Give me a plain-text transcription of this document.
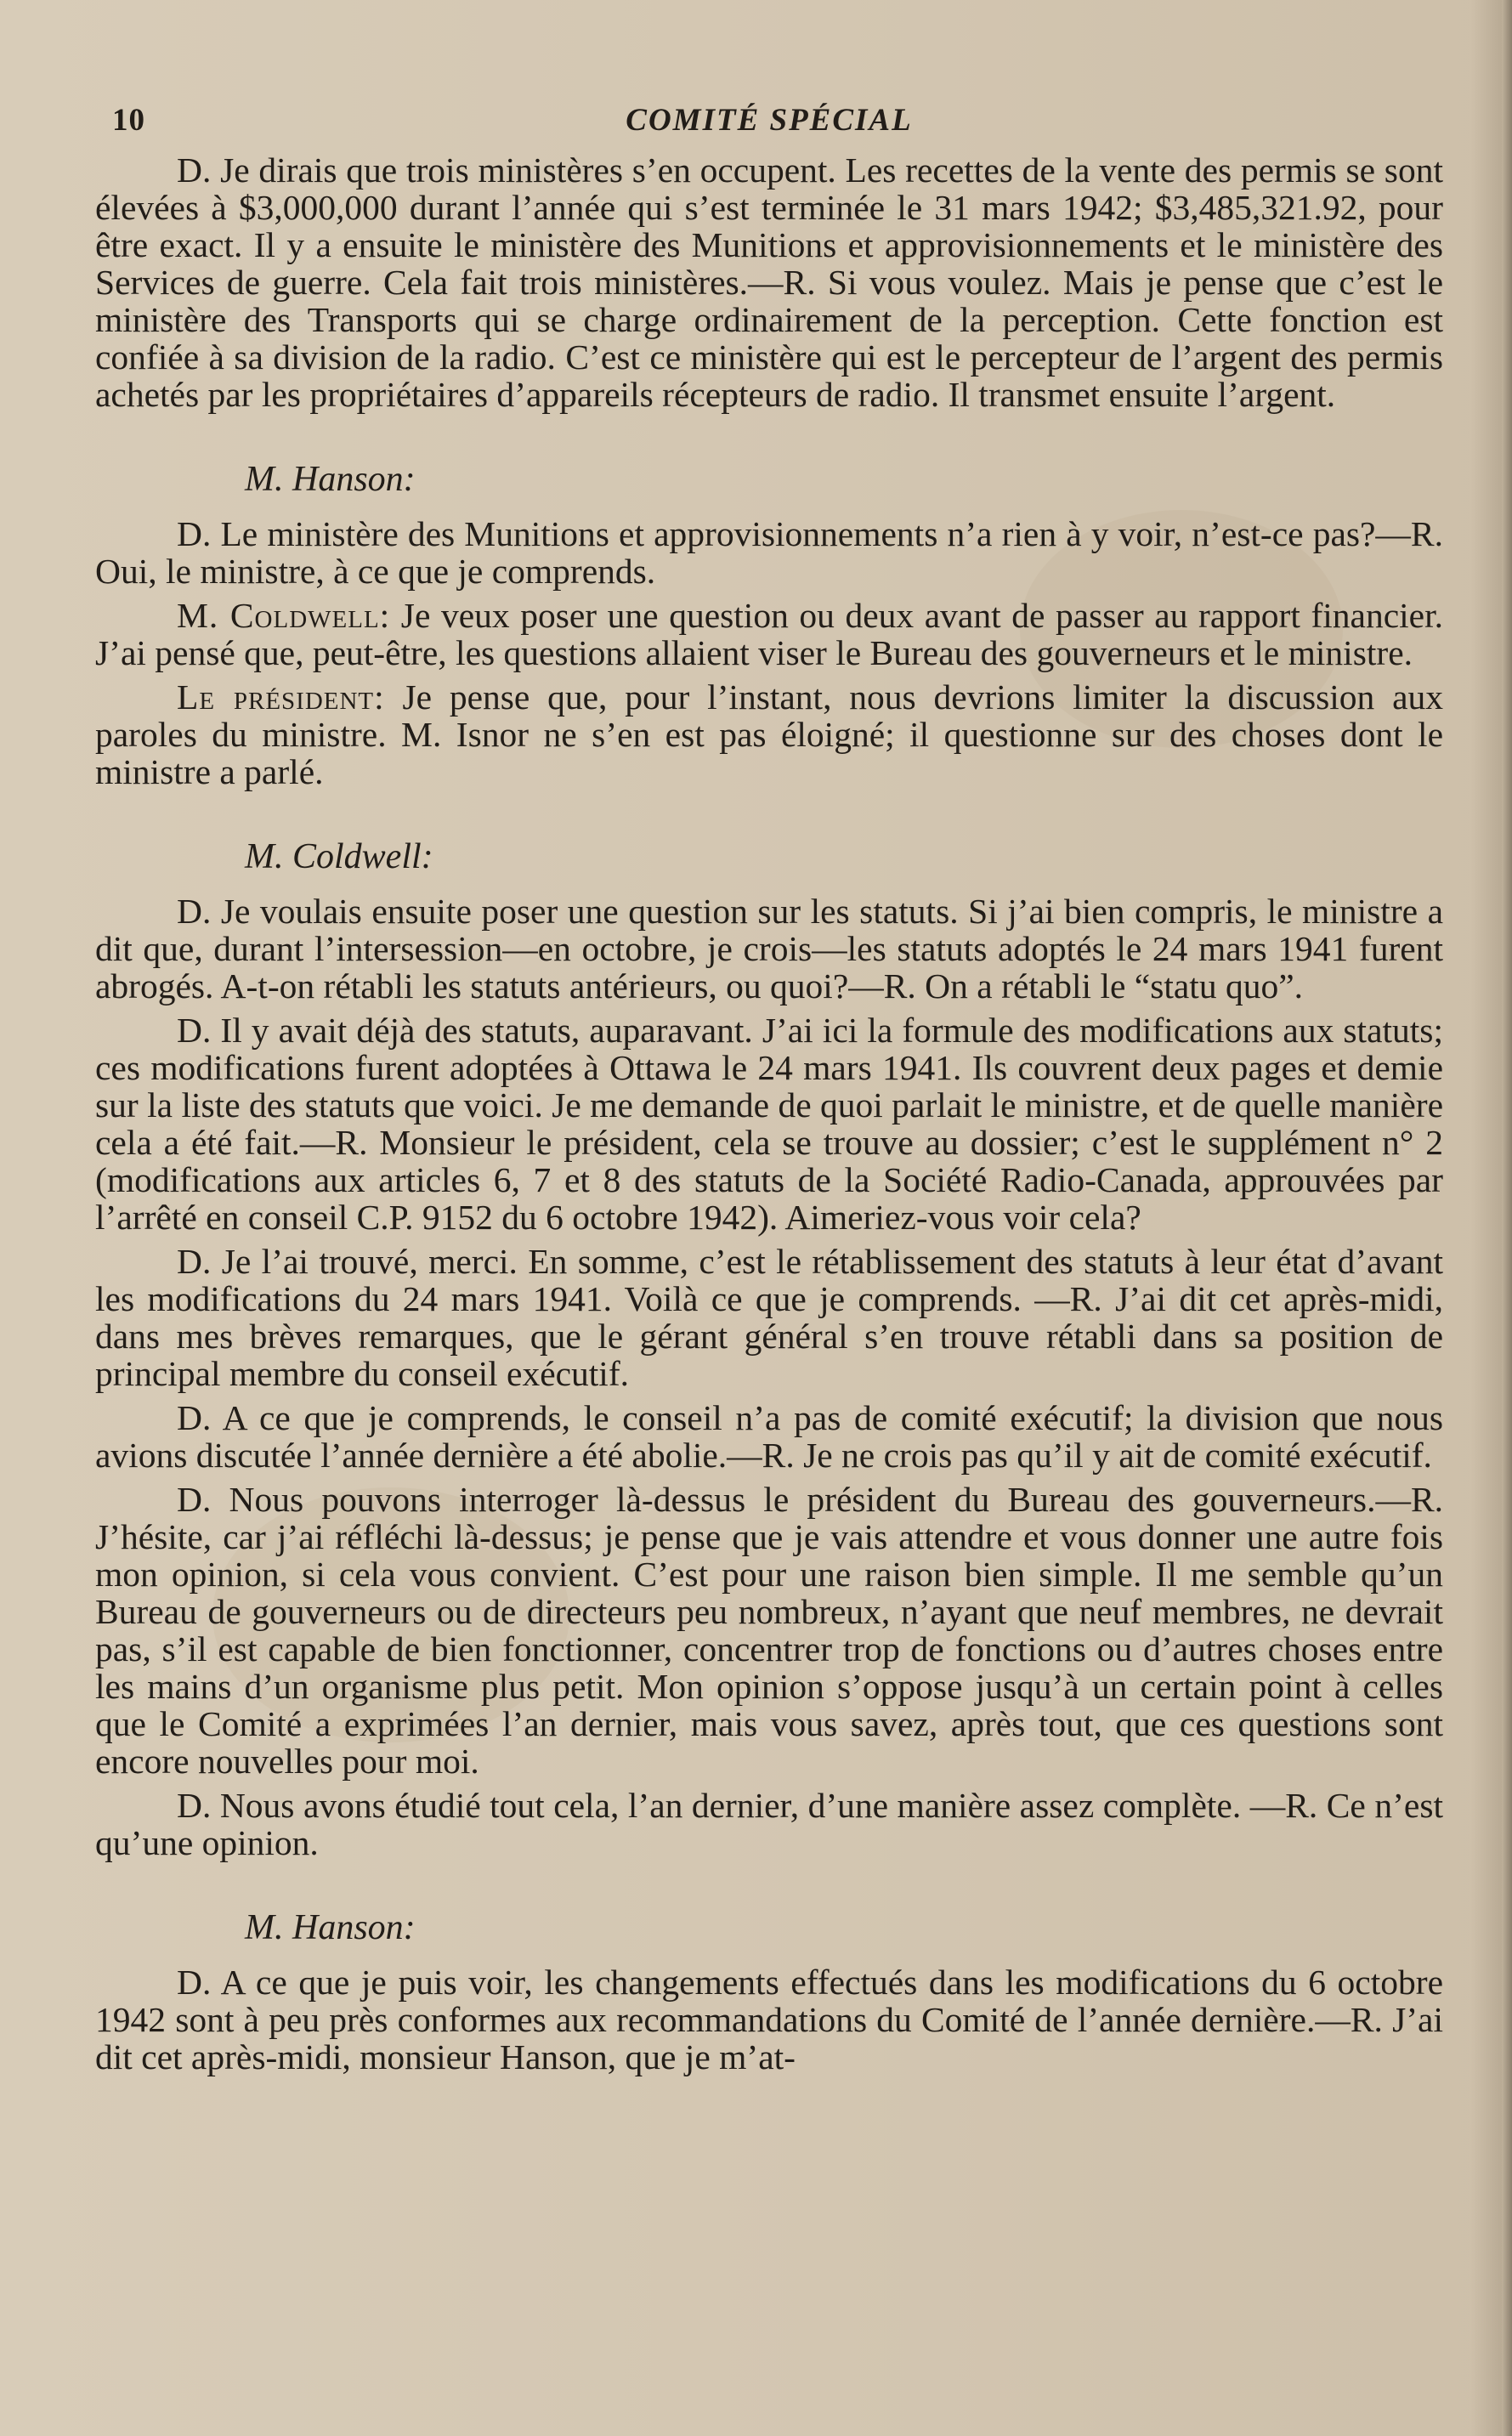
10	COMITÉ SPÉCIAL

D. Je dirais que trois ministères s’en occupent. Les recettes de la vente des permis se sont élevées à $3,000,000 durant l’année qui s’est terminée le 31 mars 1942; $3,485,321.92, pour être exact. Il y a ensuite le ministère des Munitions et approvisionnements et le ministère des Services de guerre. Cela fait trois ministères.—R. Si vous voulez. Mais je pense que c’est le ministère des Transports qui se charge ordinairement de la perception. Cette fonction est confiée à sa division de la radio. C’est ce ministère qui est le percepteur de l’argent des permis achetés par les propriétaires d’appareils récepteurs de radio. Il transmet ensuite l’argent.

M. Hanson:

D. Le ministère des Munitions et approvisionnements n’a rien à y voir, n’est-ce pas?—R. Oui, le ministre, à ce que je comprends.

M. Coldwell: Je veux poser une question ou deux avant de passer au rapport financier. J’ai pensé que, peut-être, les questions allaient viser le Bureau des gouverneurs et le ministre.

Le président: Je pense que, pour l’instant, nous devrions limiter la discussion aux paroles du ministre. M. Isnor ne s’en est pas éloigné; il questionne sur des choses dont le ministre a parlé.

M. Coldwell:

D. Je voulais ensuite poser une question sur les statuts. Si j’ai bien compris, le ministre a dit que, durant l’intersession—en octobre, je crois—les statuts adoptés le 24 mars 1941 furent abrogés. A-t-on rétabli les statuts antérieurs, ou quoi?—R. On a rétabli le “statu quo”.

D. Il y avait déjà des statuts, auparavant. J’ai ici la formule des modifications aux statuts; ces modifications furent adoptées à Ottawa le 24 mars 1941. Ils couvrent deux pages et demie sur la liste des statuts que voici. Je me demande de quoi parlait le ministre, et de quelle manière cela a été fait.—R. Monsieur le président, cela se trouve au dossier; c’est le supplément n° 2 (modifications aux articles 6, 7 et 8 des statuts de la Société Radio-Canada, approuvées par l’arrêté en conseil C.P. 9152 du 6 octobre 1942). Aimeriez-vous voir cela?

D. Je l’ai trouvé, merci. En somme, c’est le rétablissement des statuts à leur état d’avant les modifications du 24 mars 1941. Voilà ce que je comprends. —R. J’ai dit cet après-midi, dans mes brèves remarques, que le gérant général s’en trouve rétabli dans sa position de principal membre du conseil exécutif.

D. A ce que je comprends, le conseil n’a pas de comité exécutif; la division que nous avions discutée l’année dernière a été abolie.—R. Je ne crois pas qu’il y ait de comité exécutif.

D. Nous pouvons interroger là-dessus le président du Bureau des gouverneurs.—R. J’hésite, car j’ai réfléchi là-dessus; je pense que je vais attendre et vous donner une autre fois mon opinion, si cela vous convient. C’est pour une raison bien simple. Il me semble qu’un Bureau de gouverneurs ou de directeurs peu nombreux, n’ayant que neuf membres, ne devrait pas, s’il est capable de bien fonctionner, concentrer trop de fonctions ou d’autres choses entre les mains d’un organisme plus petit. Mon opinion s’oppose jusqu’à un certain point à celles que le Comité a exprimées l’an dernier, mais vous savez, après tout, que ces questions sont encore nouvelles pour moi.

D. Nous avons étudié tout cela, l’an dernier, d’une manière assez complète. —R. Ce n’est qu’une opinion.

M. Hanson:

D. A ce que je puis voir, les changements effectués dans les modifications du 6 octobre 1942 sont à peu près conformes aux recommandations du Comité de l’année dernière.—R. J’ai dit cet après-midi, monsieur Hanson, que je m’at-
